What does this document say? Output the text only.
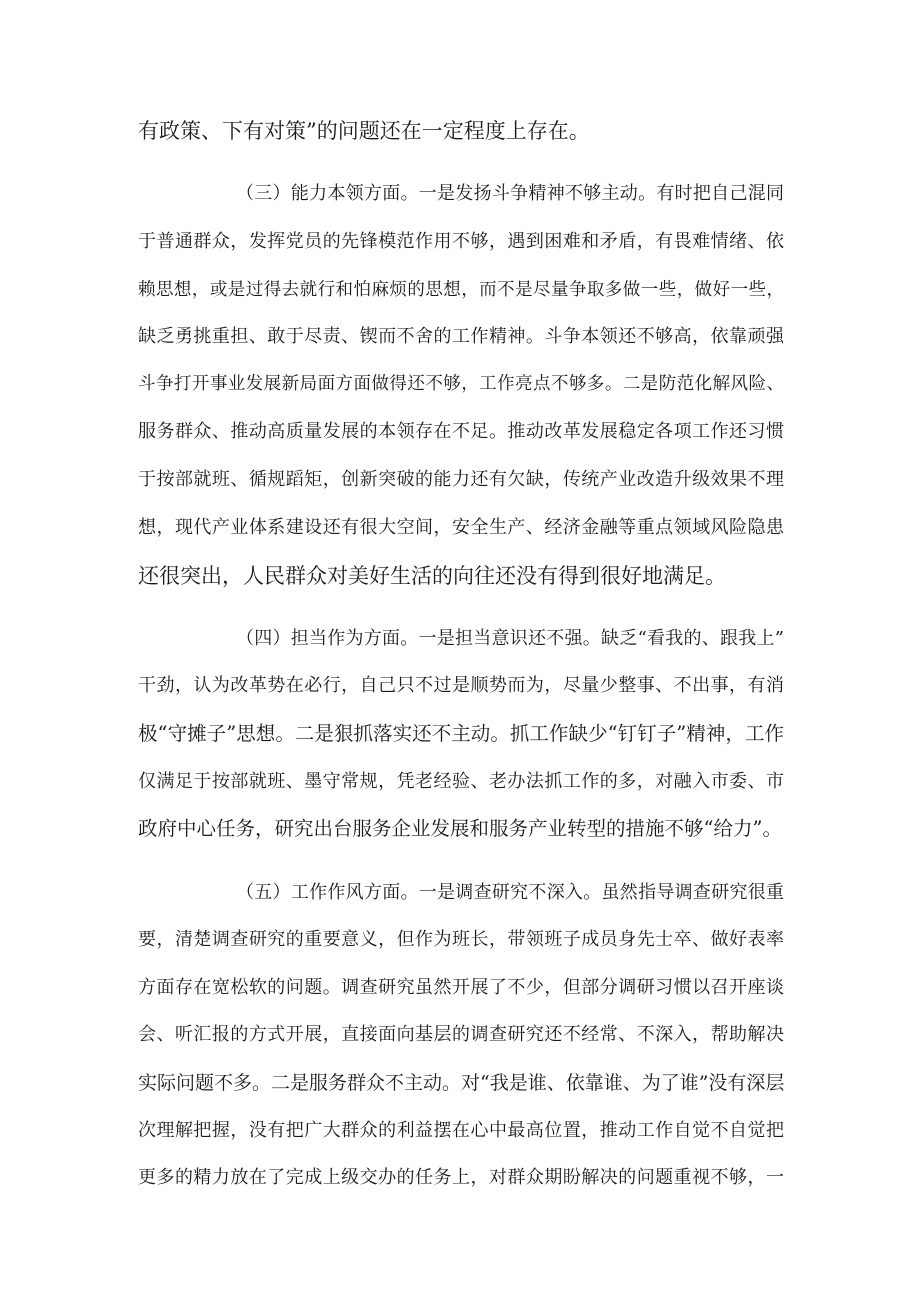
有政策、下有对策”的问题还在一定程度上存在。
（三）能力本领方面。一是发扬斗争精神不够主动。有时把自己混同
于普通群众，发挥党员的先锋模范作用不够，遇到困难和矛盾，有畏难情绪、依
赖思想，或是过得去就行和怕麻烦的思想，而不是尽量争取多做一些，做好一些，
缺乏勇挑重担、敢于尽责、锲而不舍的工作精神。斗争本领还不够高，依靠顽强
斗争打开事业发展新局面方面做得还不够，工作亮点不够多。二是防范化解风险、
服务群众、推动高质量发展的本领存在不足。推动改革发展稳定各项工作还习惯
于按部就班、循规蹈矩，创新突破的能力还有欠缺，传统产业改造升级效果不理
想，现代产业体系建设还有很大空间，安全生产、经济金融等重点领域风险隐患
还很突出，人民群众对美好生活的向往还没有得到很好地满足。
（四）担当作为方面。一是担当意识还不强。缺乏“看我的、跟我上”
干劲，认为改革势在必行，自己只不过是顺势而为，尽量少整事、不出事，有消
极“守摊子”思想。二是狠抓落实还不主动。抓工作缺少“钉钉子”精神，工作
仅满足于按部就班、墨守常规，凭老经验、老办法抓工作的多，对融入市委、市
政府中心任务，研究出台服务企业发展和服务产业转型的措施不够“给力”。
（五）工作作风方面。一是调查研究不深入。虽然指导调查研究很重
要，清楚调查研究的重要意义，但作为班长，带领班子成员身先士卒、做好表率
方面存在宽松软的问题。调查研究虽然开展了不少，但部分调研习惯以召开座谈
会、听汇报的方式开展，直接面向基层的调查研究还不经常、不深入，帮助解决
实际问题不多。二是服务群众不主动。对“我是谁、依靠谁、为了谁”没有深层
次理解把握，没有把广大群众的利益摆在心中最高位置，推动工作自觉不自觉把
更多的精力放在了完成上级交办的任务上，对群众期盼解决的问题重视不够，一
